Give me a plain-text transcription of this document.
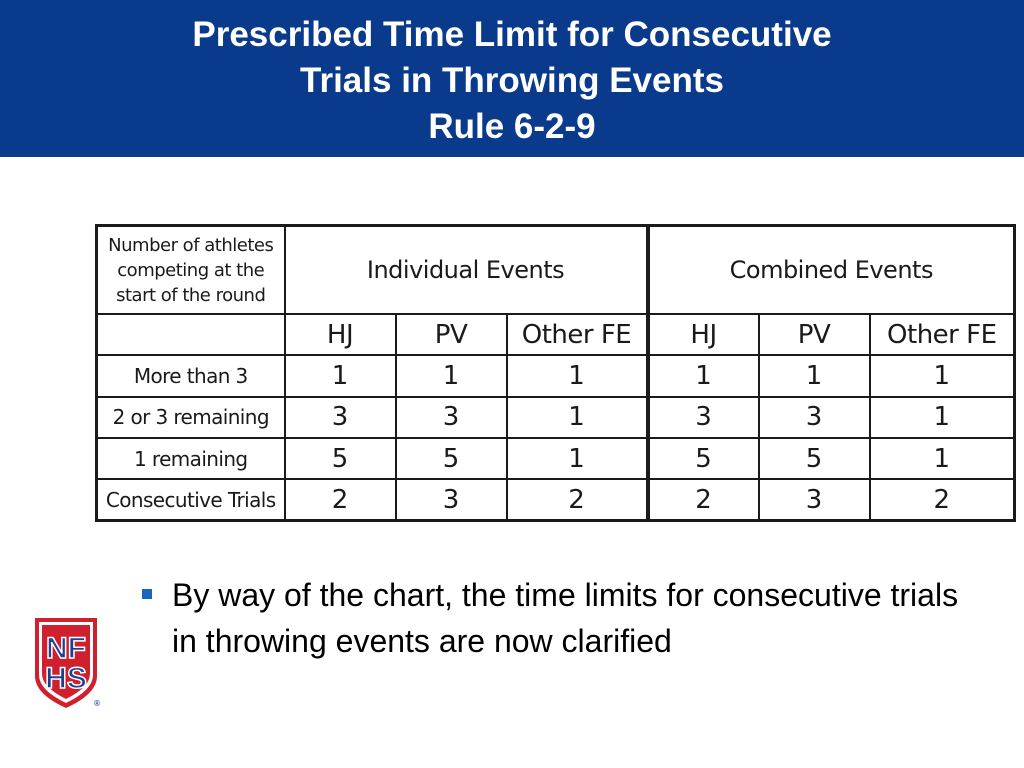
Prescribed Time Limit for Consecutive
Trials in Throwing Events
Rule 6-2-9
Number of athletes competing at the start of the round	Individual Events			Combined Events		
	HJ	PV	Other FE	HJ	PV	Other FE
More than 3	1	1	1	1	1	1
2 or 3 remaining	3	3	1	3	3	1
1 remaining	5	5	1	5	5	1
Consecutive Trials	2	3	2	2	3	2
By way of the chart, the time limits for consecutive trials in throwing events are now clarified
NF
HS
®
